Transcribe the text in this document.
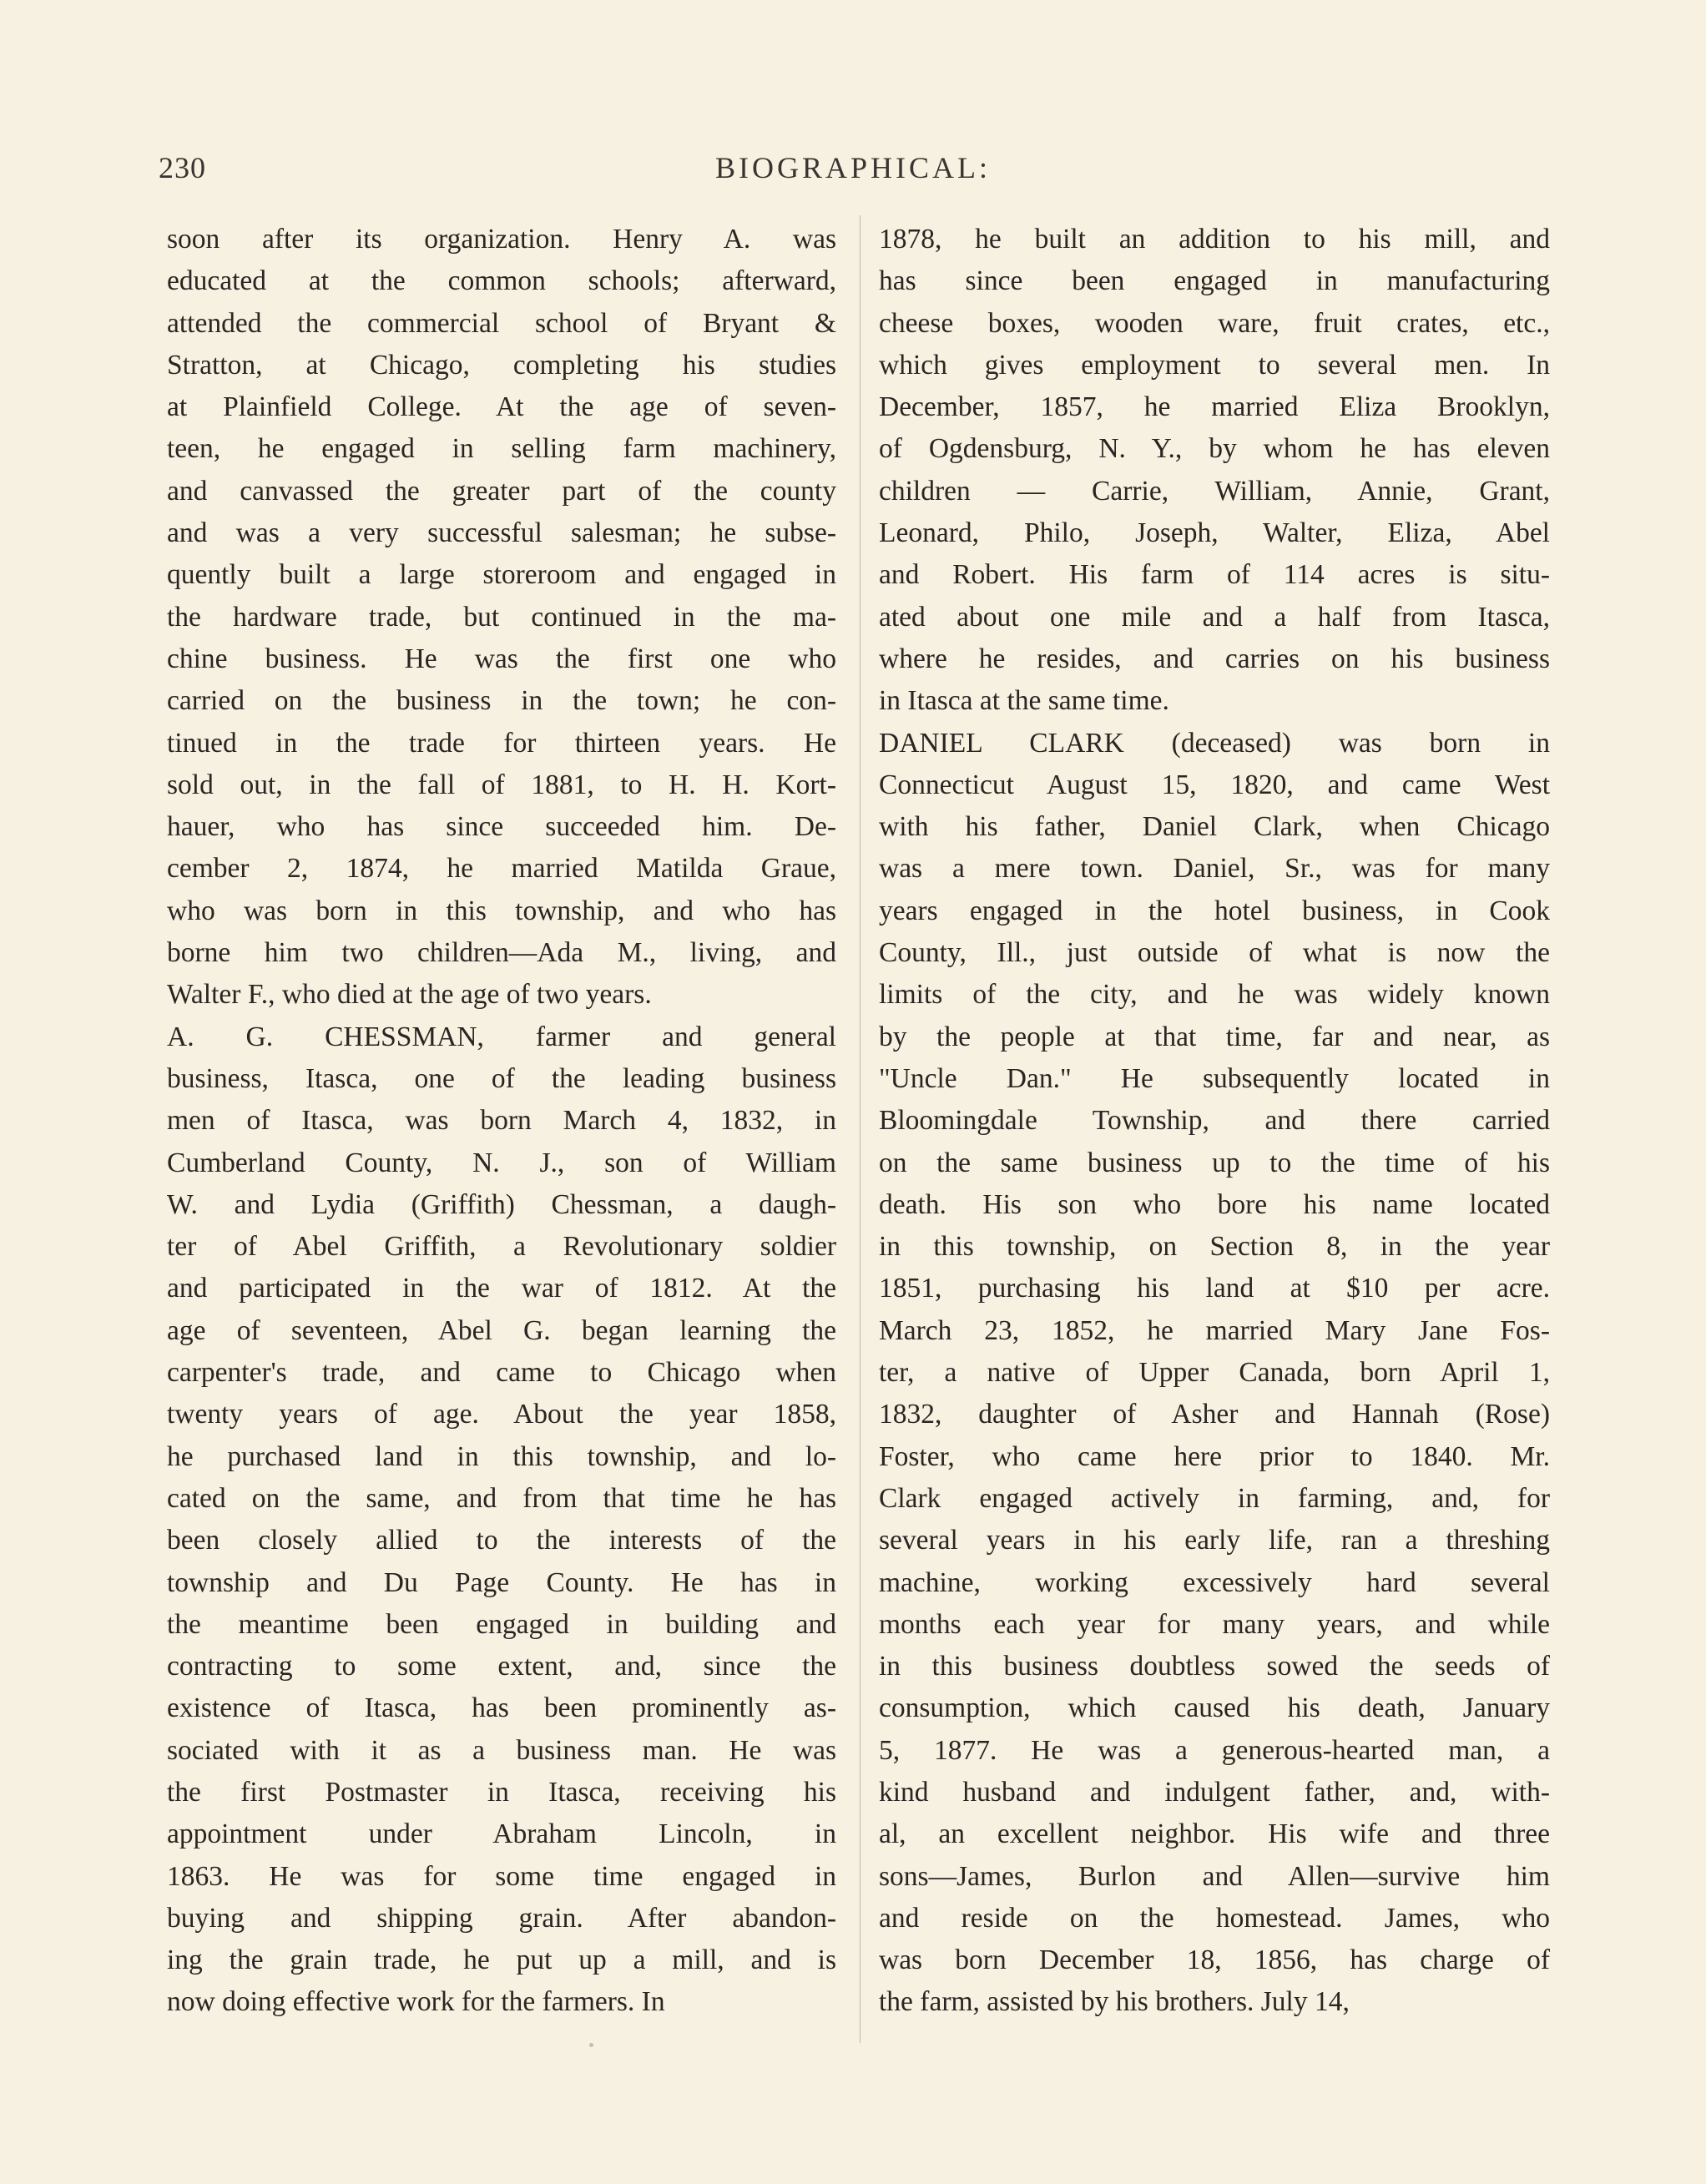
230	BIOGRAPHICAL:
soon after its organization. Henry A. was
educated at the common schools; afterward,
attended the commercial school of Bryant &
Stratton, at Chicago, completing his studies
at Plainfield College. At the age of seven-
teen, he engaged in selling farm machinery,
and canvassed the greater part of the county
and was a very successful salesman; he subse-
quently built a large storeroom and engaged in
the hardware trade, but continued in the ma-
chine business. He was the first one who
carried on the business in the town; he con-
tinued in the trade for thirteen years. He
sold out, in the fall of 1881, to H. H. Kort-
hauer, who has since succeeded him. De-
cember 2, 1874, he married Matilda Graue,
who was born in this township, and who has
borne him two children—Ada M., living, and
Walter F., who died at the age of two years.
A. G. CHESSMAN, farmer and general
business, Itasca, one of the leading business
men of Itasca, was born March 4, 1832, in
Cumberland County, N. J., son of William
W. and Lydia (Griffith) Chessman, a daugh-
ter of Abel Griffith, a Revolutionary soldier
and participated in the war of 1812. At the
age of seventeen, Abel G. began learning the
carpenter's trade, and came to Chicago when
twenty years of age. About the year 1858,
he purchased land in this township, and lo-
cated on the same, and from that time he has
been closely allied to the interests of the
township and Du Page County. He has in
the meantime been engaged in building and
contracting to some extent, and, since the
existence of Itasca, has been prominently as-
sociated with it as a business man. He was
the first Postmaster in Itasca, receiving his
appointment under Abraham Lincoln, in
1863. He was for some time engaged in
buying and shipping grain. After abandon-
ing the grain trade, he put up a mill, and is
now doing effective work for the farmers. In
1878, he built an addition to his mill, and
has since been engaged in manufacturing
cheese boxes, wooden ware, fruit crates, etc.,
which gives employment to several men. In
December, 1857, he married Eliza Brooklyn,
of Ogdensburg, N. Y., by whom he has eleven
children — Carrie, William, Annie, Grant,
Leonard, Philo, Joseph, Walter, Eliza, Abel
and Robert. His farm of 114 acres is situ-
ated about one mile and a half from Itasca,
where he resides, and carries on his business
in Itasca at the same time.
DANIEL CLARK (deceased) was born in
Connecticut August 15, 1820, and came West
with his father, Daniel Clark, when Chicago
was a mere town. Daniel, Sr., was for many
years engaged in the hotel business, in Cook
County, Ill., just outside of what is now the
limits of the city, and he was widely known
by the people at that time, far and near, as
"Uncle Dan." He subsequently located in
Bloomingdale Township, and there carried
on the same business up to the time of his
death. His son who bore his name located
in this township, on Section 8, in the year
1851, purchasing his land at $10 per acre.
March 23, 1852, he married Mary Jane Fos-
ter, a native of Upper Canada, born April 1,
1832, daughter of Asher and Hannah (Rose)
Foster, who came here prior to 1840. Mr.
Clark engaged actively in farming, and, for
several years in his early life, ran a threshing
machine, working excessively hard several
months each year for many years, and while
in this business doubtless sowed the seeds of
consumption, which caused his death, January
5, 1877. He was a generous-hearted man, a
kind husband and indulgent father, and, with-
al, an excellent neighbor. His wife and three
sons—James, Burlon and Allen—survive him
and reside on the homestead. James, who
was born December 18, 1856, has charge of
the farm, assisted by his brothers. July 14,
